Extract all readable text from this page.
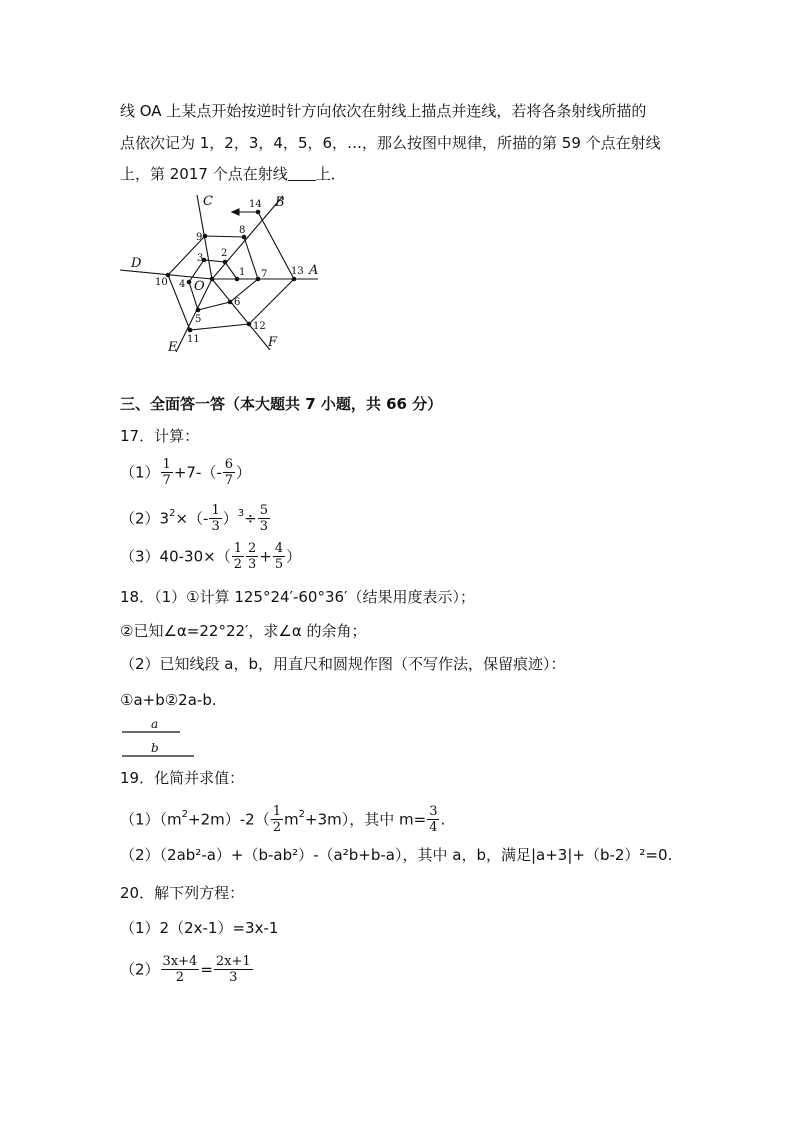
线 OA 上某点开始按逆时针方向依次在射线上描点并连线，若将各条射线所描的
点依次记为 1，2，3，4，5，6，…，那么按图中规律，所描的第 59 个点在射线
上，第 2017 个点在射线 上．
A
B
C
D
E	F
O
1
2
3
4
5
6
7
8
9
10
11
12
13
14
三、全面答一答（本大题共 7 小题，共 66 分）
17．计算：
$(1) \frac{1}{7} +7-(- \frac{6}{7}$ ）
$(2)3^2\times(- \frac{1}{3} )^3\div \frac{5}{3}$
$(3)40-30\times( \frac{1}{2} \frac{2}{3} + \frac{4}{5}$ ）
18．（1）①计算 125°24′-60°36′（结果用度表示）；
②已知∠α=22°22′，求∠α 的余角；
（2）已知线段 a，b，用直尺和圆规作图（不写作法，保留痕迹）：
①a+b②2a-b.
a
b
19．化简并求值：
$(1)(m^2+2m)-2( \frac{1}{2} m^2+3m)$，其中 $m= \frac{3}{4}$ .
（2）（2ab²-a）+（b-ab²）-（a²b+b-a），其中 a，b，满足|a+3|+（b-2）²=0.
20．解下列方程：
（1）2（2x-1）=3x-1
$(2) \frac{3x+4}{2} = \frac{2x+1}{3}$
